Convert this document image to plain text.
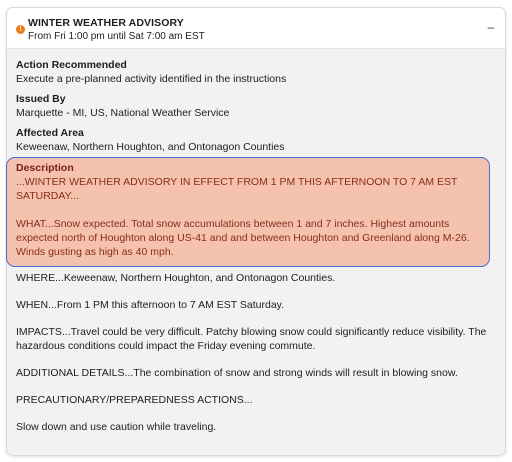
!
WINTER WEATHER ADVISORY
From Fri 1:00 pm until Sat 7:00 am EST
–
Action Recommended
Execute a pre-planned activity identified in the instructions
Issued By
Marquette - MI, US, National Weather Service
Affected Area
Keweenaw, Northern Houghton, and Ontonagon Counties
Description

...WINTER WEATHER ADVISORY IN EFFECT FROM 1 PM THIS AFTERNOON TO 7 AM EST SATURDAY...

WHAT...Snow expected. Total snow accumulations between 1 and 7 inches. Highest amounts expected north of Houghton along US-41 and and between Houghton and Greenland along M-26. Winds gusting as high as 40 mph.

WHERE...Keweenaw, Northern Houghton, and Ontonagon Counties.

WHEN...From 1 PM this afternoon to 7 AM EST Saturday.

IMPACTS...Travel could be very difficult. Patchy blowing snow could significantly reduce visibility. The hazardous conditions could impact the Friday evening commute.

ADDITIONAL DETAILS...The combination of snow and strong winds will result in blowing snow.

PRECAUTIONARY/PREPAREDNESS ACTIONS...

Slow down and use caution while traveling.
